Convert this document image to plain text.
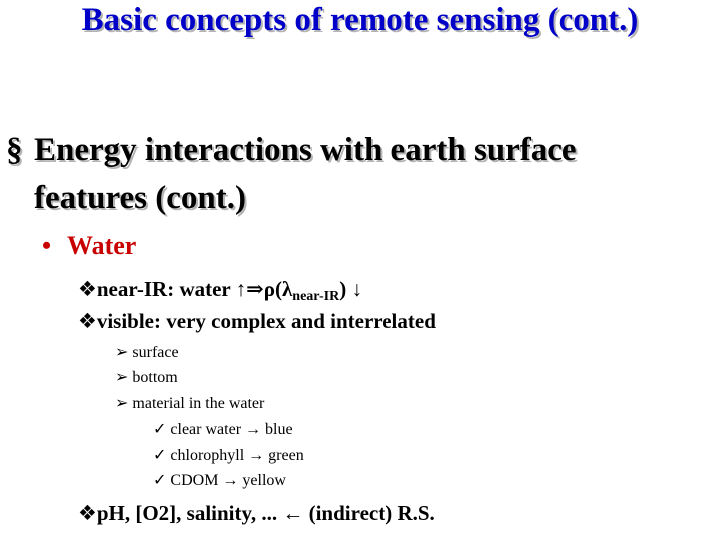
Basic concepts of remote sensing (cont.)
§ Energy interactions with earth surface
features (cont.)
• Water
❖near-IR: water ↑⇒ρ(λnear-IR) ↓
❖visible: very complex and interrelated
➢ surface
➢ bottom
➢ material in the water
✓ clear water → blue
✓ chlorophyll → green
✓ CDOM → yellow
❖pH, [O2], salinity, ... ← (indirect) R.S.
